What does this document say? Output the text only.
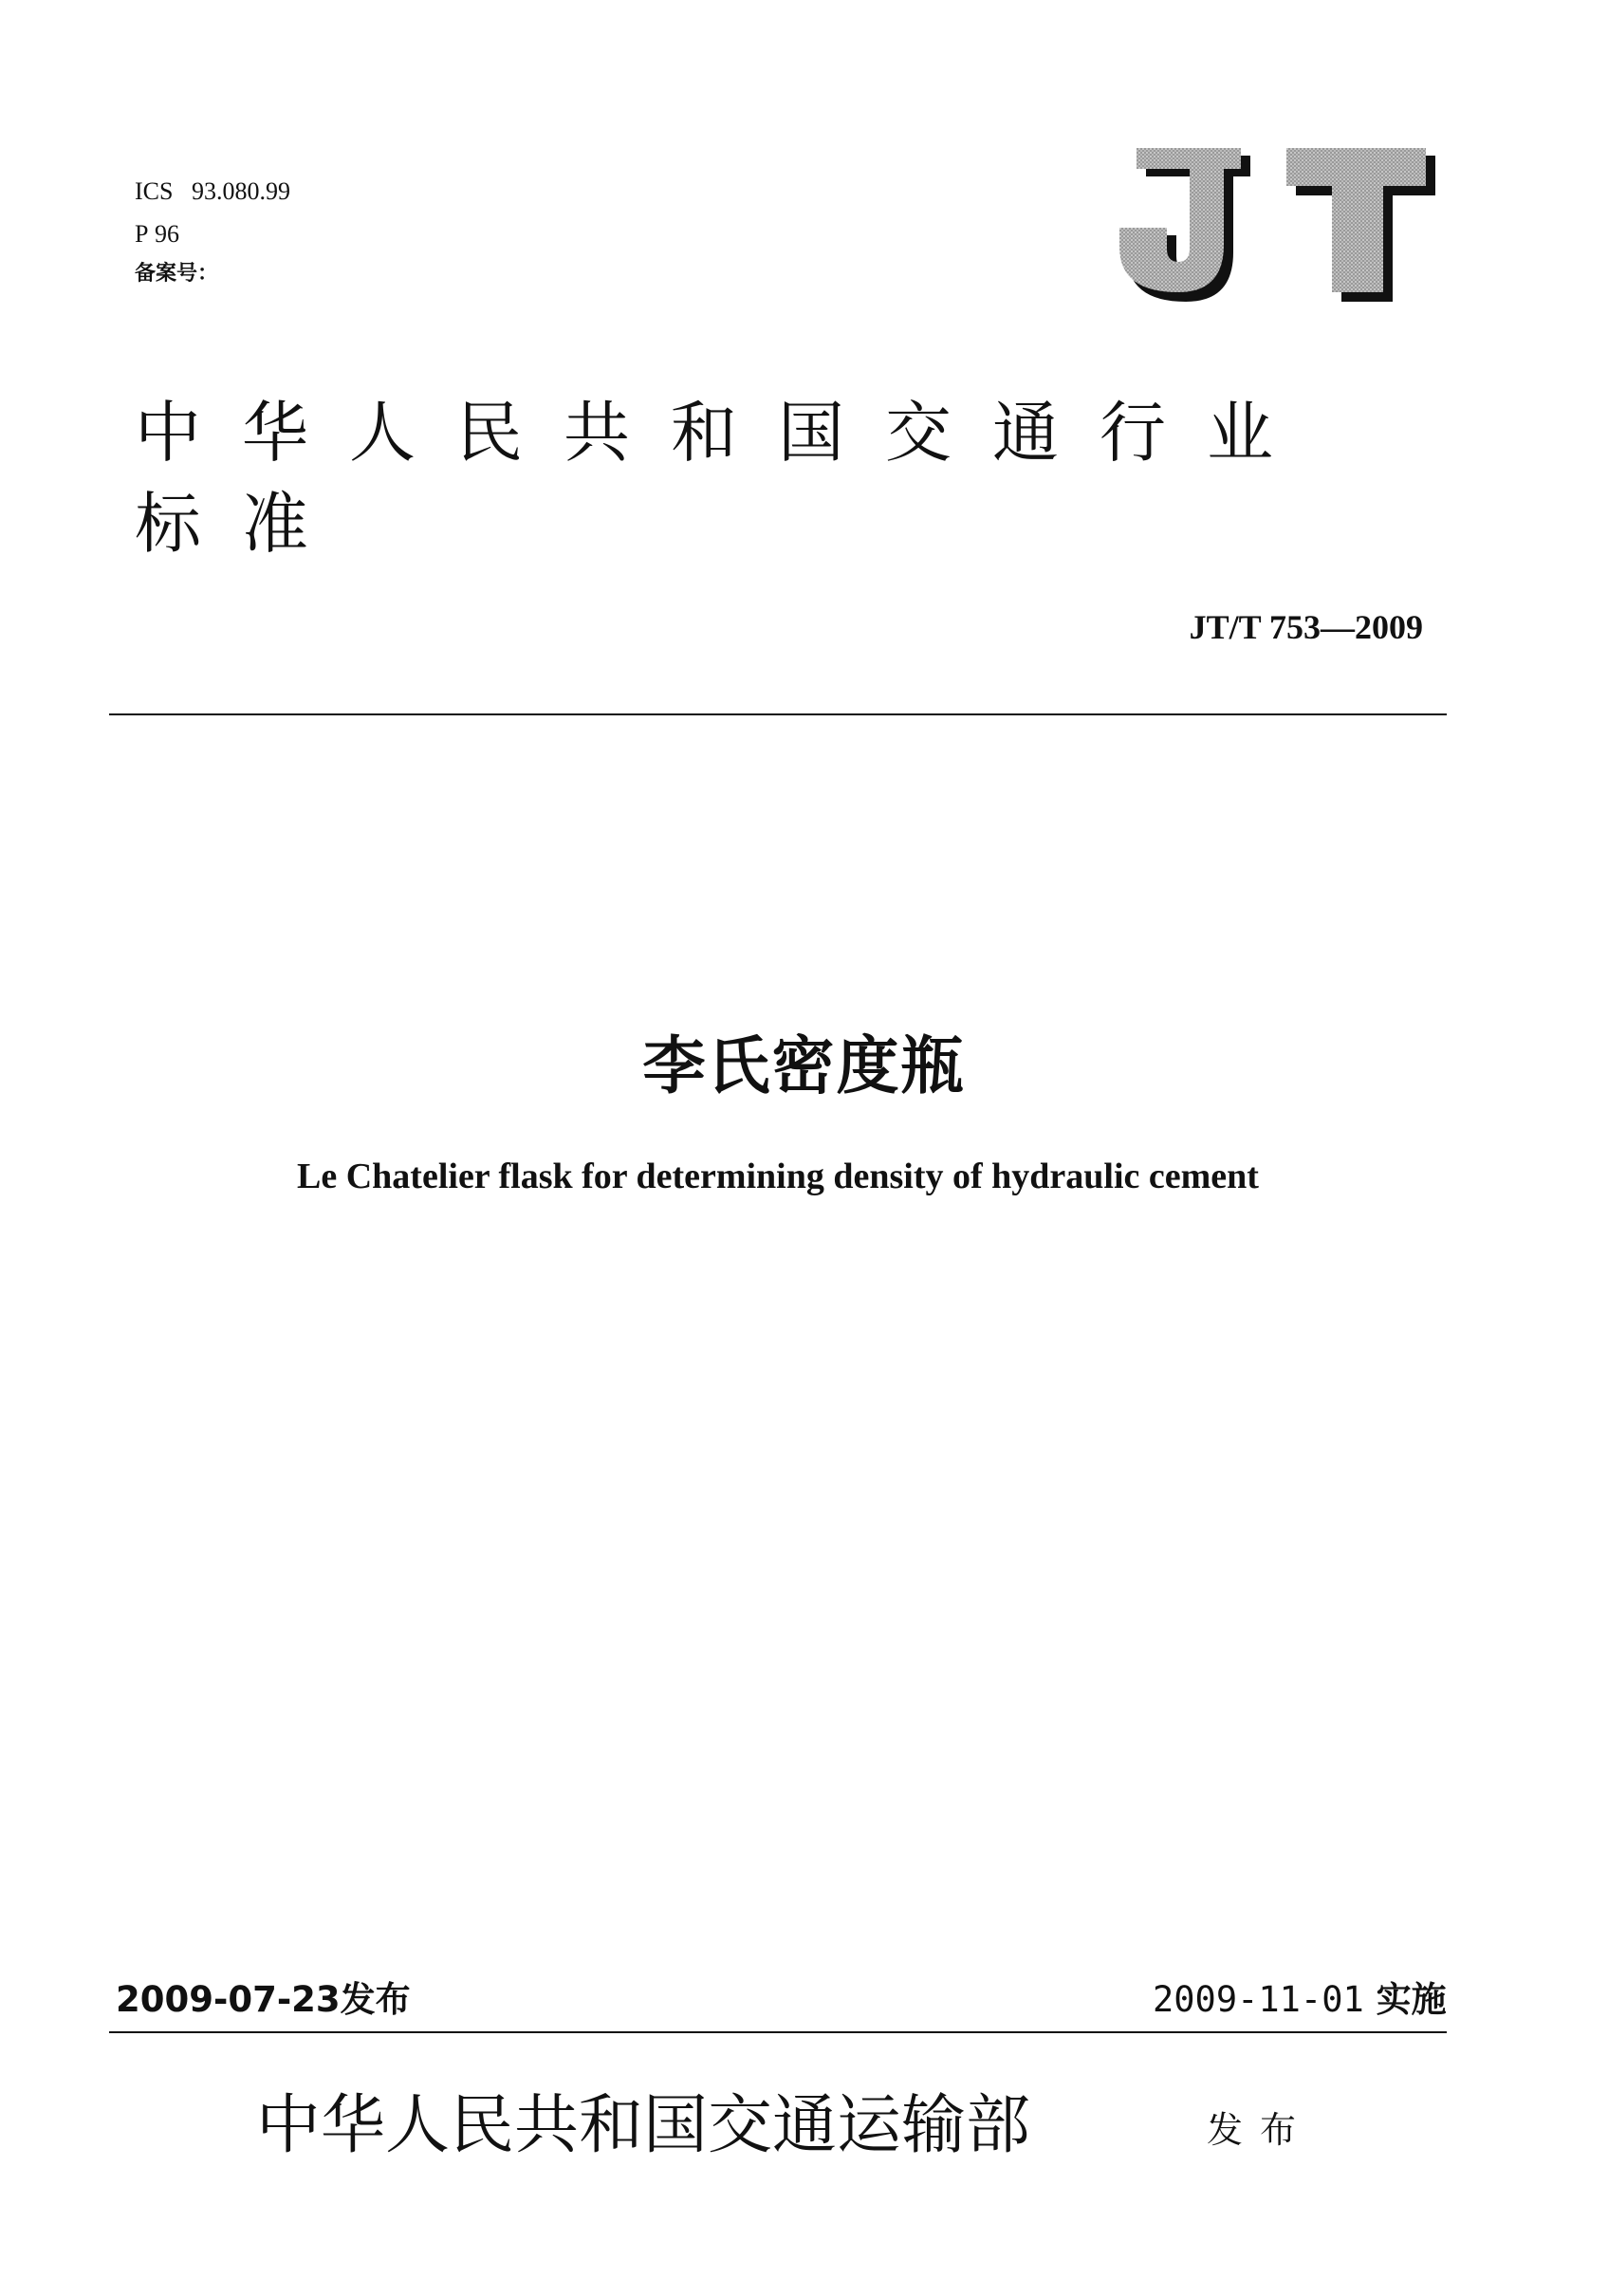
ICS 93.080.99
P 96
备案号：
中华人民共和国交通行业标准
JT/T 753—2009
李氏密度瓶
Le Chatelier flask for determining density of hydraulic cement
2009-07-23发布	2009-11-01 实施
中华人民共和国交通运输部	发布
